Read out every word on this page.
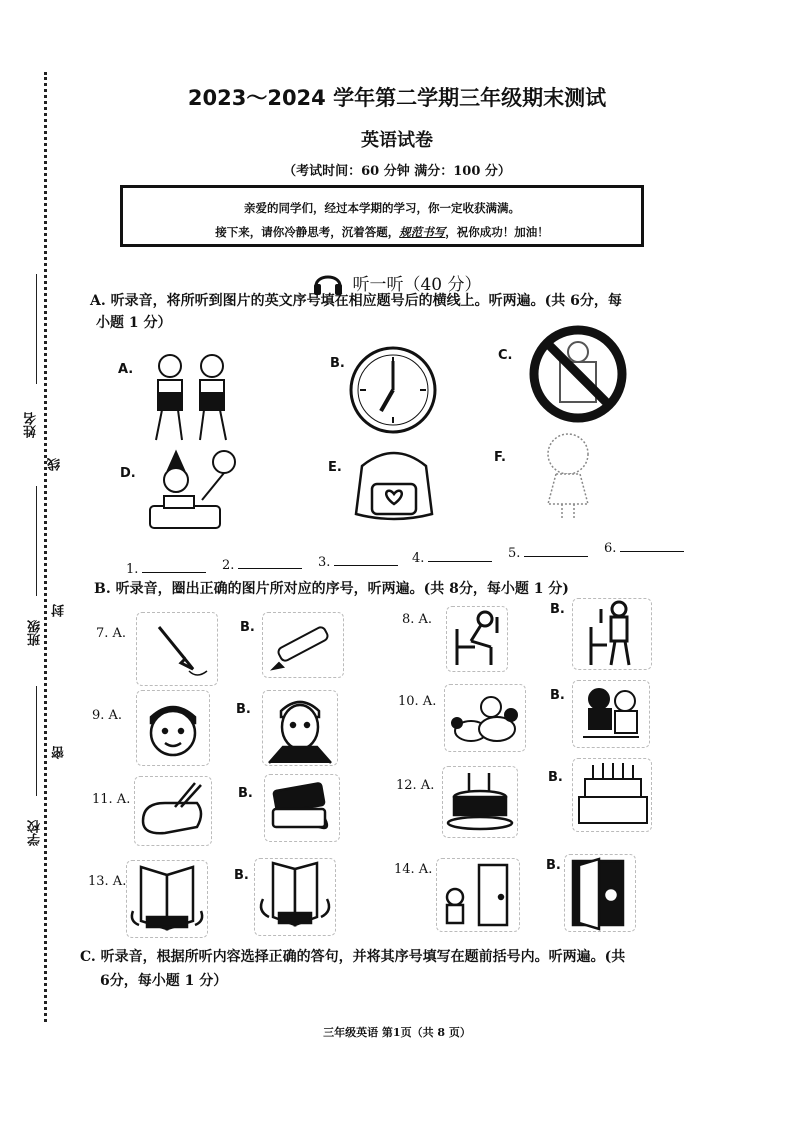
姓名
线
班级
封
学校
密
2023～2024 学年第二学期三年级期末测试
英语试卷
（考试时间：60 分钟 满分：100 分）
亲爱的同学们，经过本学期的学习，你一定收获满满。
接下来，请你冷静思考，沉着答题，规范书写，祝你成功！加油！
听一听（40 分）
A. 听录音，将所听到图片的英文序号填在相应题号后的横线上。听两遍。(共 6分，每
小题 1 分）
A.	B.
C.
D.	E.
F.
1.	2.	3.	4.	5.	6.
B. 听录音，圈出正确的图片所对应的序号，听两遍。(共 8分，每小题 1 分)
7. A.	B.
8. A.
B.
9. A.	B.
10. A.	B.
11. A.	B.
12. A.
B.
13. A.	B.	14. A.	B.
C. 听录音，根据所听内容选择正确的答句，并将其序号填写在题前括号内。听两遍。(共
6分，每小题 1 分）
三年级英语 第1页（共 8 页）
